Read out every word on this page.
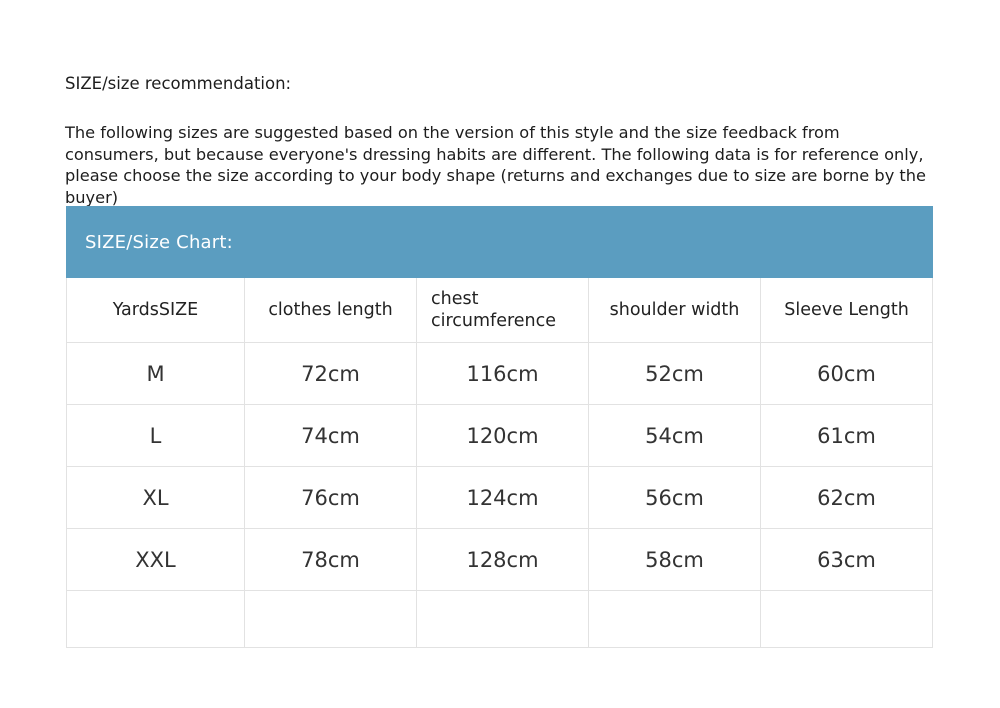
SIZE/size recommendation:
The following sizes are suggested based on the version of this style and the size feedback from consumers, but because everyone's dressing habits are different. The following data is for reference only, please choose the size according to your body shape (returns and exchanges due to size are borne by the buyer)
SIZE/Size Chart:				
YardsSIZE	clothes length	chest circumference	shoulder width	Sleeve Length
M	72cm	116cm	52cm	60cm
L	74cm	120cm	54cm	61cm
XL	76cm	124cm	56cm	62cm
XXL	78cm	128cm	58cm	63cm
